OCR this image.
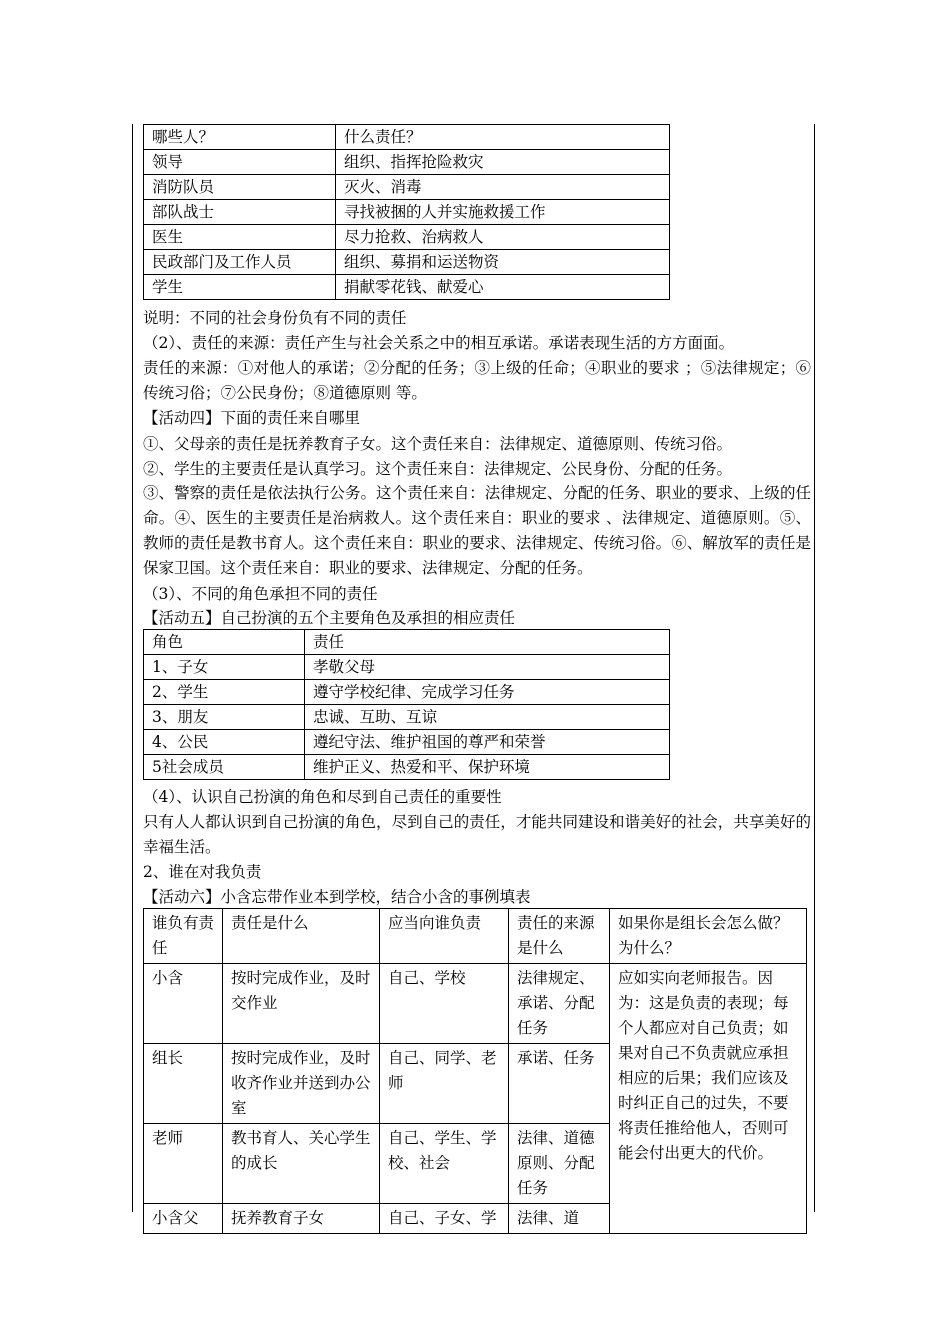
哪些人？	什么责任？
领导	组织、指挥抢险救灾
消防队员	灭火、消毒
部队战士	寻找被捆的人并实施救援工作
医生	尽力抢救、治病救人
民政部门及工作人员	组织、募捐和运送物资
学生	捐献零花钱、献爱心
说明：不同的社会身份负有不同的责任
（2）、责任的来源：责任产生与社会关系之中的相互承诺。承诺表现生活的方方面面。
责任的来源：①对他人的承诺；②分配的任务；③上级的任命；④职业的要求 ；⑤法律规定；⑥传统习俗；⑦公民身份；⑧道德原则 等。
【活动四】下面的责任来自哪里
①、父母亲的责任是抚养教育子女。这个责任来自：法律规定、道德原则、传统习俗。
②、学生的主要责任是认真学习。这个责任来自：法律规定、公民身份、分配的任务。
③、警察的责任是依法执行公务。这个责任来自：法律规定、分配的任务、职业的要求、上级的任命。④、医生的主要责任是治病救人。这个责任来自：职业的要求 、法律规定、道德原则。⑤、教师的责任是教书育人。这个责任来自：职业的要求、法律规定、传统习俗。⑥、解放军的责任是保家卫国。这个责任来自：职业的要求、法律规定、分配的任务。
（3）、不同的角色承担不同的责任
【活动五】自己扮演的五个主要角色及承担的相应责任
角色	责任
1、子女	孝敬父母
2、学生	遵守学校纪律、完成学习任务
3、朋友	忠诚、互助、互谅
4、公民	遵纪守法、维护祖国的尊严和荣誉
5社会成员	维护正义、热爱和平、保护环境
（4）、认识自己扮演的角色和尽到自己责任的重要性
只有人人都认识到自己扮演的角色，尽到自己的责任，才能共同建设和谐美好的社会，共享美好的幸福生活。
2、谁在对我负责
【活动六】小含忘带作业本到学校，结合小含的事例填表
谁负有责任	责任是什么	应当向谁负责	责任的来源是什么	如果你是组长会怎么做？为什么？
小含	按时完成作业，及时交作业	自己、学校	法律规定、承诺、分配任务	应如实向老师报告。因为：这是负责的表现；每个人都应对自己负责；如果对自己不负责就应承担相应的后果；我们应该及时纠正自己的过失，不要将责任推给他人，否则可能会付出更大的代价。
组长	按时完成作业，及时收齐作业并送到办公室	自己、同学、老师	承诺、任务	
老师	教书育人、关心学生的成长	自己、学生、学校、社会	法律、道德原则、分配任务	
小含父	抚养教育子女	自己、子女、学	法律、道	
